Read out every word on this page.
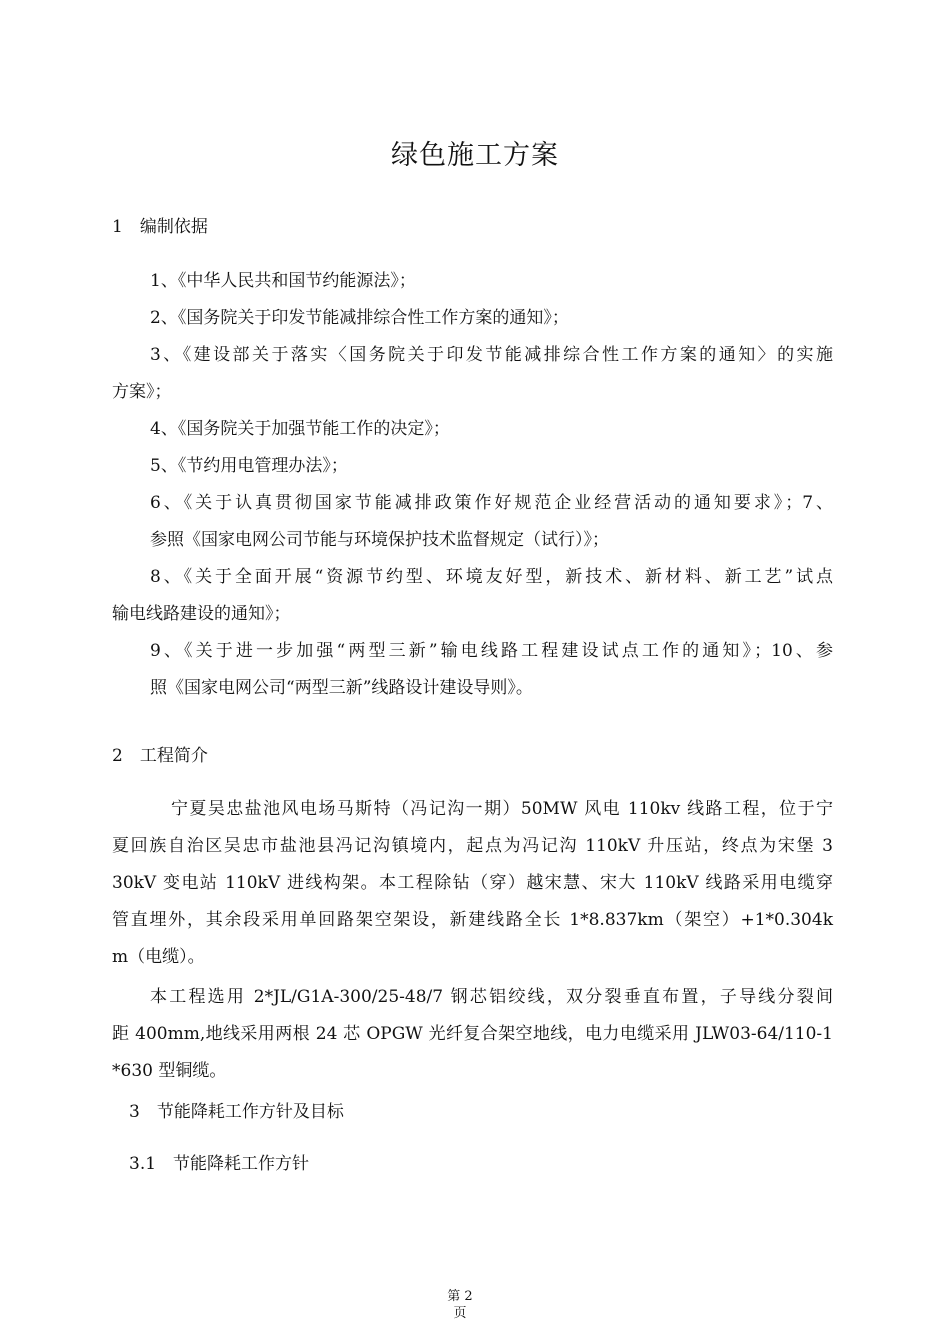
绿色施工方案
1　编制依据
1、《中华人民共和国节约能源法》；
2、《国务院关于印发节能减排综合性工作方案的通知》；
3、《建设部关于落实〈国务院关于印发节能减排综合性工作方案的通知〉的实施
方案》；
4、《国务院关于加强节能工作的决定》；
5、《节约用电管理办法》；
6、《关于认真贯彻国家节能减排政策作好规范企业经营活动的通知要求》；7、
参照《国家电网公司节能与环境保护技术监督规定（试行）》；
8、《关于全面开展“资源节约型、环境友好型，新技术、新材料、新工艺”试点
输电线路建设的通知》；
9、《关于进一步加强“两型三新”输电线路工程建设试点工作的通知》；10、参
照《国家电网公司“两型三新”线路设计建设导则》。
2　工程简介
宁夏吴忠盐池风电场马斯特（冯记沟一期）50MW 风电 110kv 线路工程，位于宁
夏回族自治区吴忠市盐池县冯记沟镇境内，起点为冯记沟 110kV 升压站，终点为宋堡 3
30kV 变电站 110kV 进线构架。本工程除钻（穿）越宋慧、宋大 110kV 线路采用电缆穿
管直埋外，其余段采用单回路架空架设，新建线路全长 1*8.837km（架空）+1*0.304k
m（电缆）。
本工程选用 2*JL/G1A-300/25-48/7 钢芯铝绞线，双分裂垂直布置，子导线分裂间
距 400mm,地线采用两根 24 芯 OPGW 光纤复合架空地线，电力电缆采用 JLW03-64/110-1
*630 型铜缆。
3　节能降耗工作方针及目标
3.1　节能降耗工作方针
第 2
页
